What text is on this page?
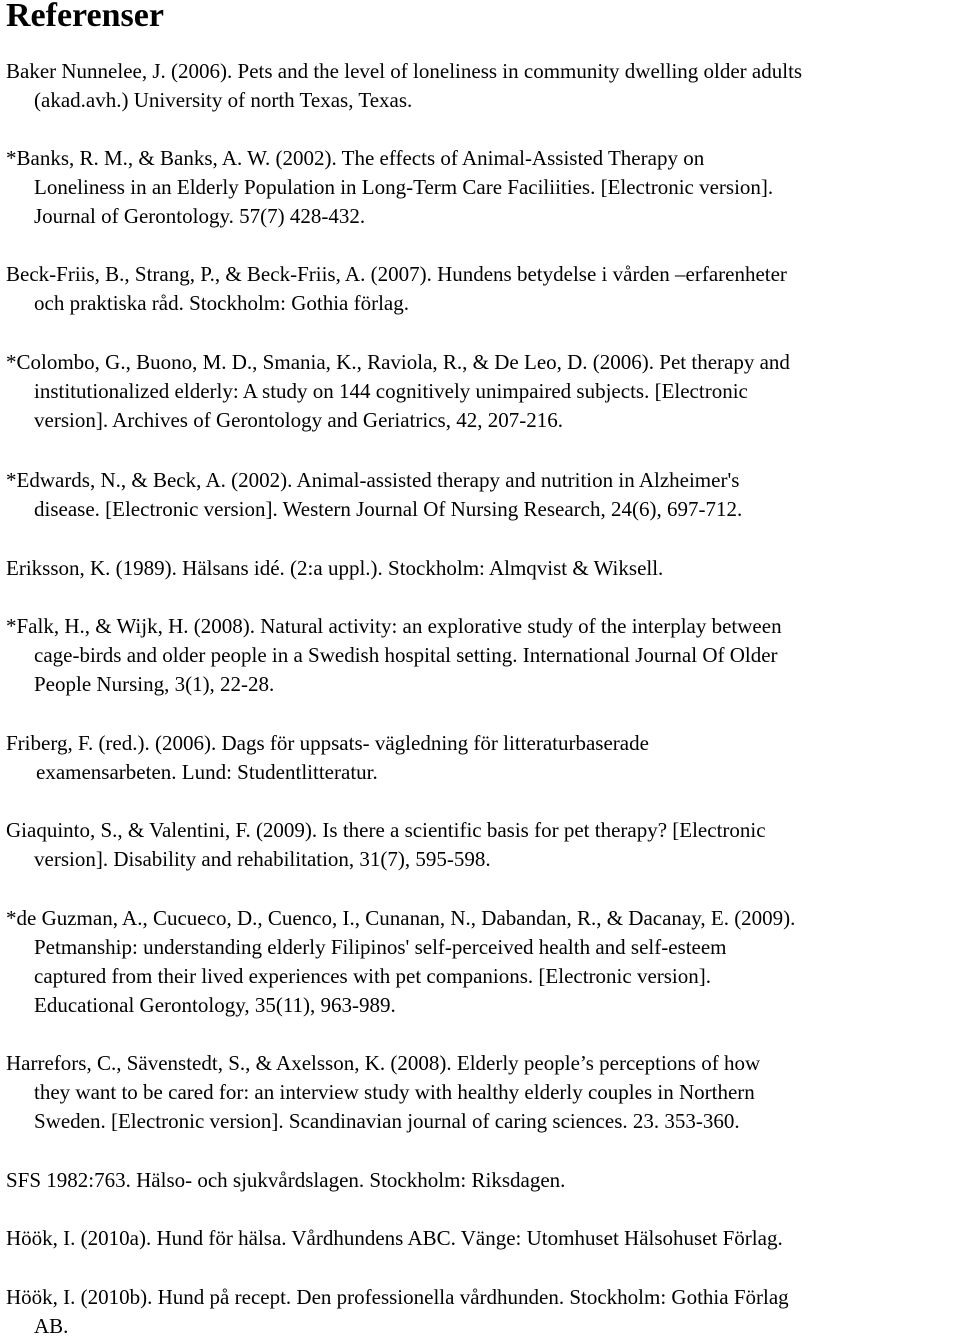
Referenser

Baker Nunnelee, J. (2006). Pets and the level of loneliness in community dwelling older adults
(akad.avh.) University of north Texas, Texas.

*Banks, R. M., & Banks, A. W. (2002). The effects of Animal-Assisted Therapy on
Loneliness in an Elderly Population in Long-Term Care Faciliities. [Electronic version].
Journal of Gerontology. 57(7) 428-432.

Beck-Friis, B., Strang, P., & Beck-Friis, A. (2007). Hundens betydelse i vården –erfarenheter
och praktiska råd. Stockholm: Gothia förlag.

*Colombo, G., Buono, M. D., Smania, K., Raviola, R., & De Leo, D. (2006). Pet therapy and
institutionalized elderly: A study on 144 cognitively unimpaired subjects. [Electronic
version]. Archives of Gerontology and Geriatrics, 42, 207-216.

*Edwards, N., & Beck, A. (2002). Animal-assisted therapy and nutrition in Alzheimer's
disease. [Electronic version]. Western Journal Of Nursing Research, 24(6), 697-712.

Eriksson, K. (1989). Hälsans idé. (2:a uppl.). Stockholm: Almqvist & Wiksell.

*Falk, H., & Wijk, H. (2008). Natural activity: an explorative study of the interplay between
cage-birds and older people in a Swedish hospital setting. International Journal Of Older
People Nursing, 3(1), 22-28.

Friberg, F. (red.). (2006). Dags för uppsats- vägledning för litteraturbaserade
examensarbeten. Lund: Studentlitteratur.

Giaquinto, S., & Valentini, F. (2009). Is there a scientific basis for pet therapy? [Electronic
version]. Disability and rehabilitation, 31(7), 595-598.

*de Guzman, A., Cucueco, D., Cuenco, I., Cunanan, N., Dabandan, R., & Dacanay, E. (2009).
Petmanship: understanding elderly Filipinos' self-perceived health and self-esteem
captured from their lived experiences with pet companions. [Electronic version].
Educational Gerontology, 35(11), 963-989.

Harrefors, C., Sävenstedt, S., & Axelsson, K. (2008). Elderly people’s perceptions of how
they want to be cared for: an interview study with healthy elderly couples in Northern
Sweden. [Electronic version]. Scandinavian journal of caring sciences. 23. 353-360.

SFS 1982:763. Hälso- och sjukvårdslagen. Stockholm: Riksdagen.

Höök, I. (2010a). Hund för hälsa. Vårdhundens ABC. Vänge: Utomhuset Hälsohuset Förlag.

Höök, I. (2010b). Hund på recept. Den professionella vårdhunden. Stockholm: Gothia Förlag
AB.
